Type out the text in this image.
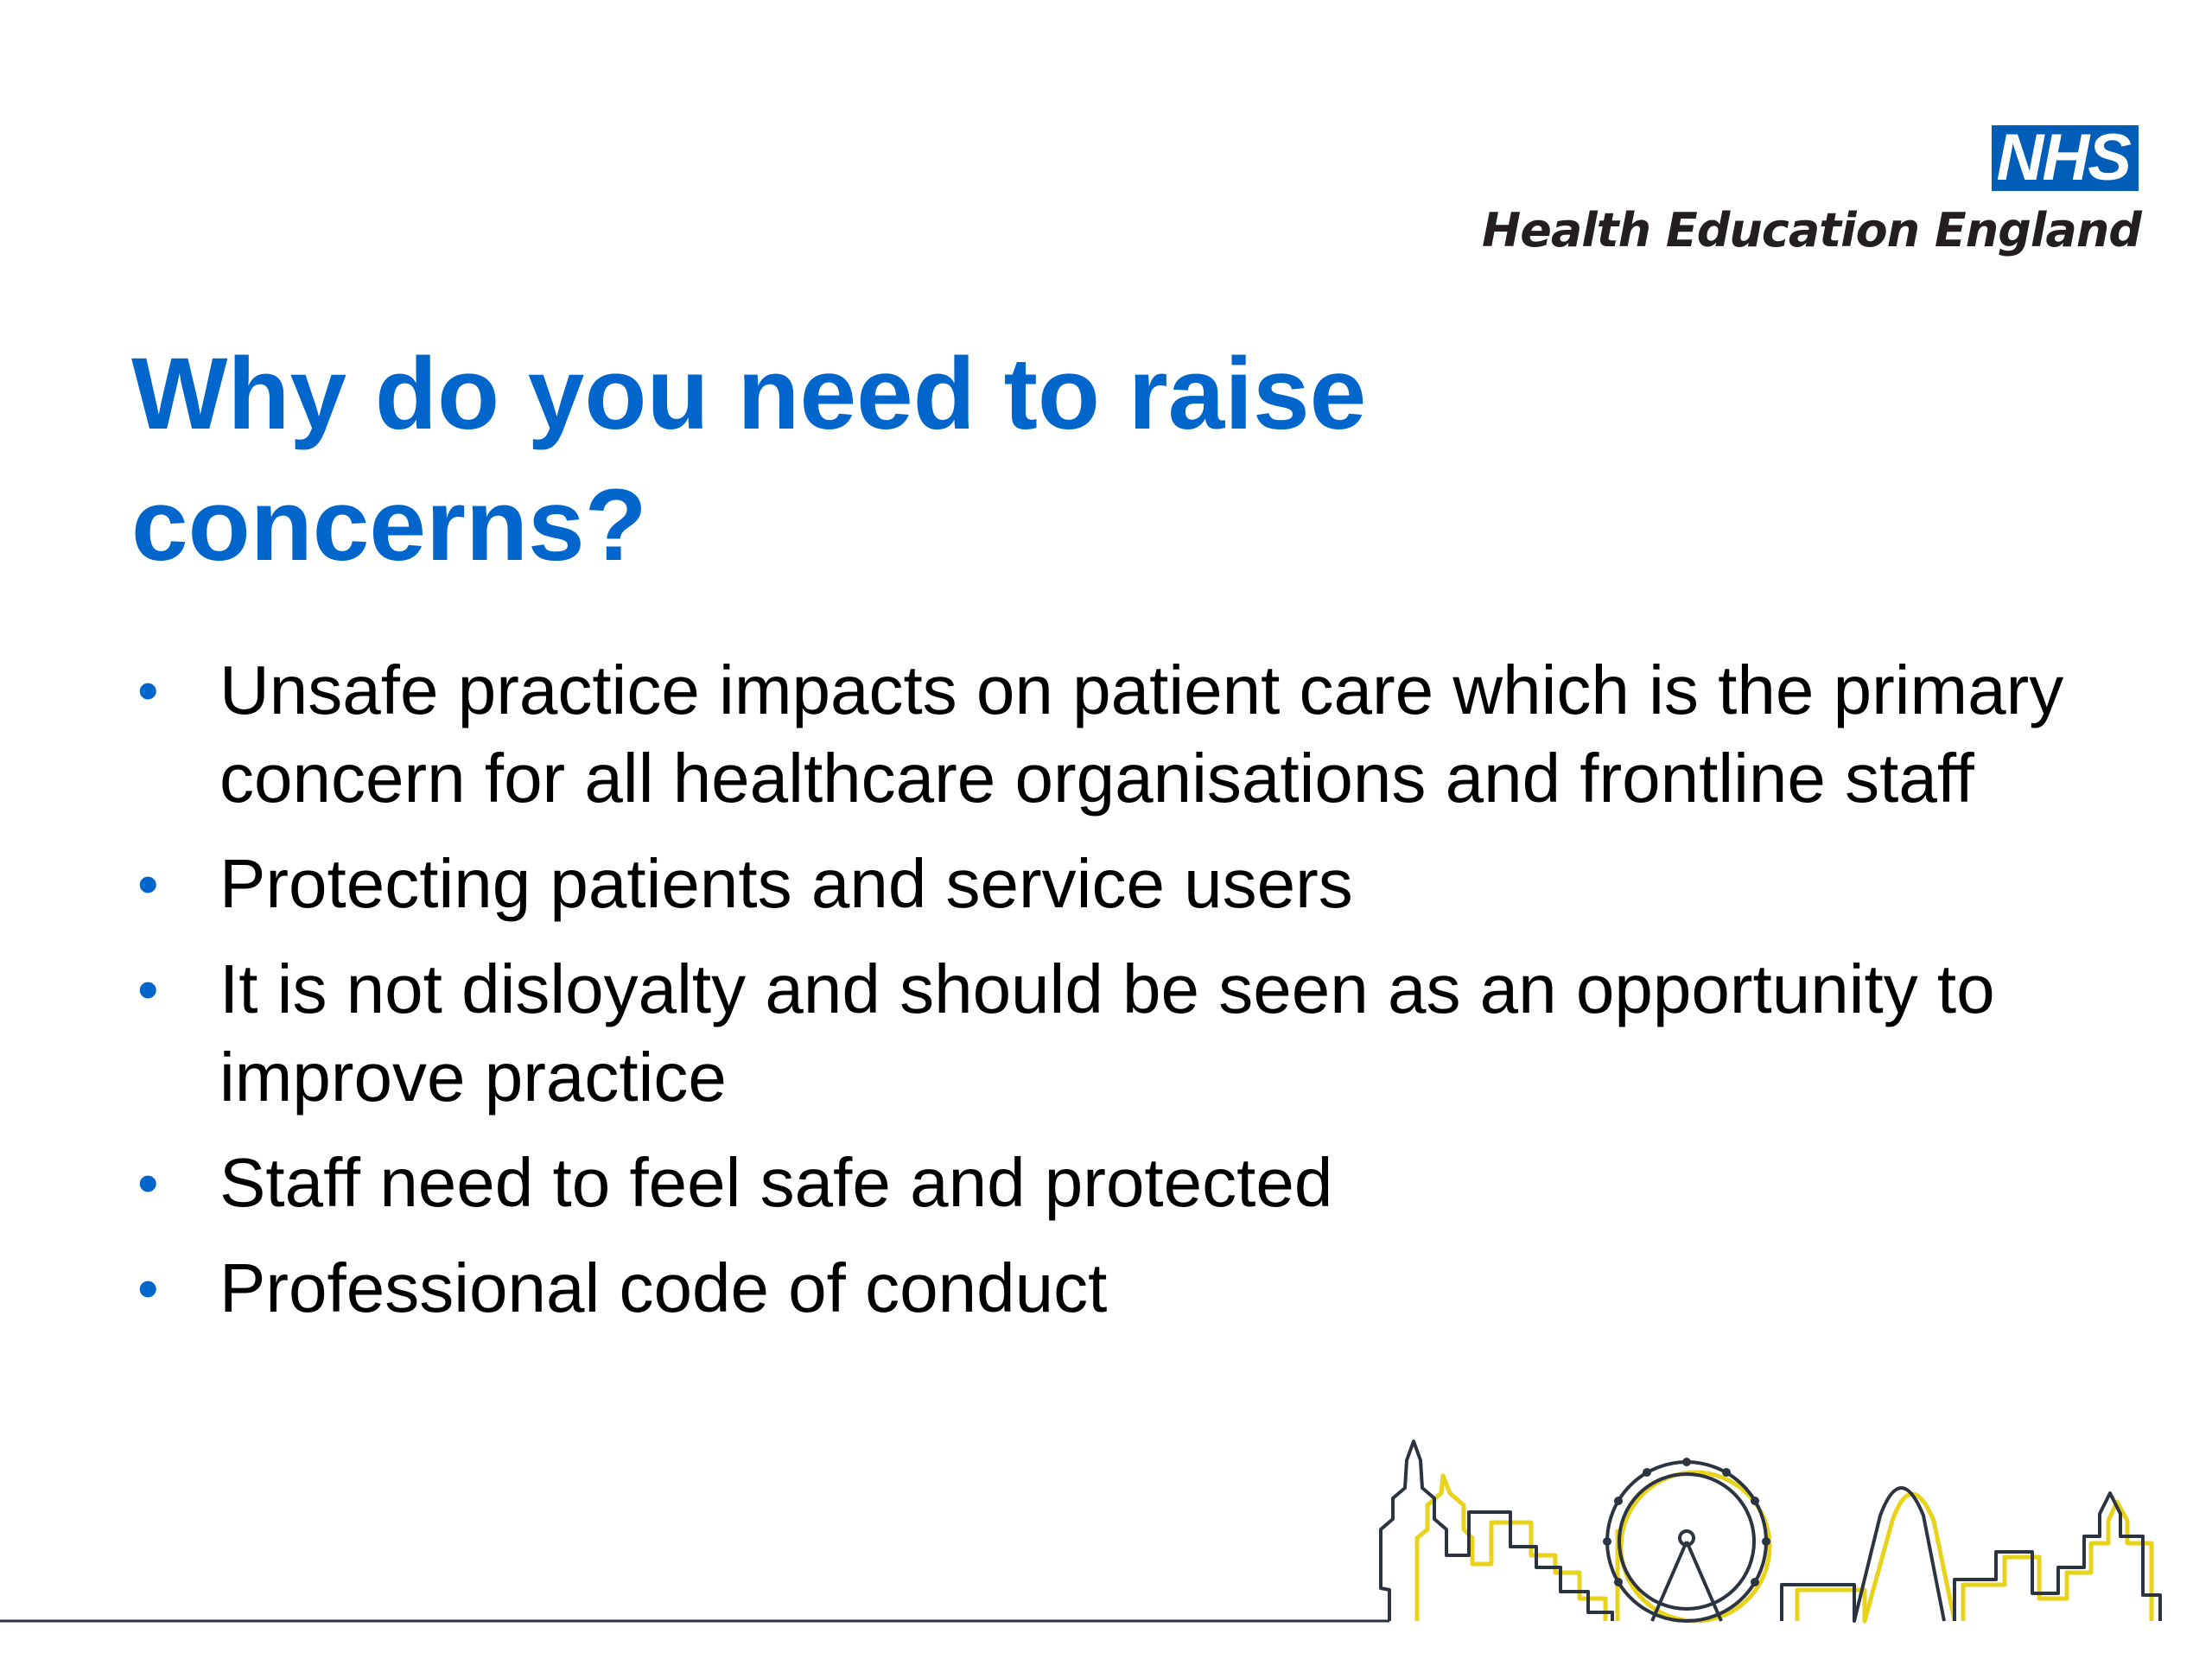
NHS
Health Education England
Why do you need to raise concerns?
• Unsafe practice impacts on patient care which is the primary concern for all healthcare organisations and frontline staff
• Protecting patients and service users
• It is not disloyalty and should be seen as an opportunity to improve practice
• Staff need to feel safe and protected
• Professional code of conduct
